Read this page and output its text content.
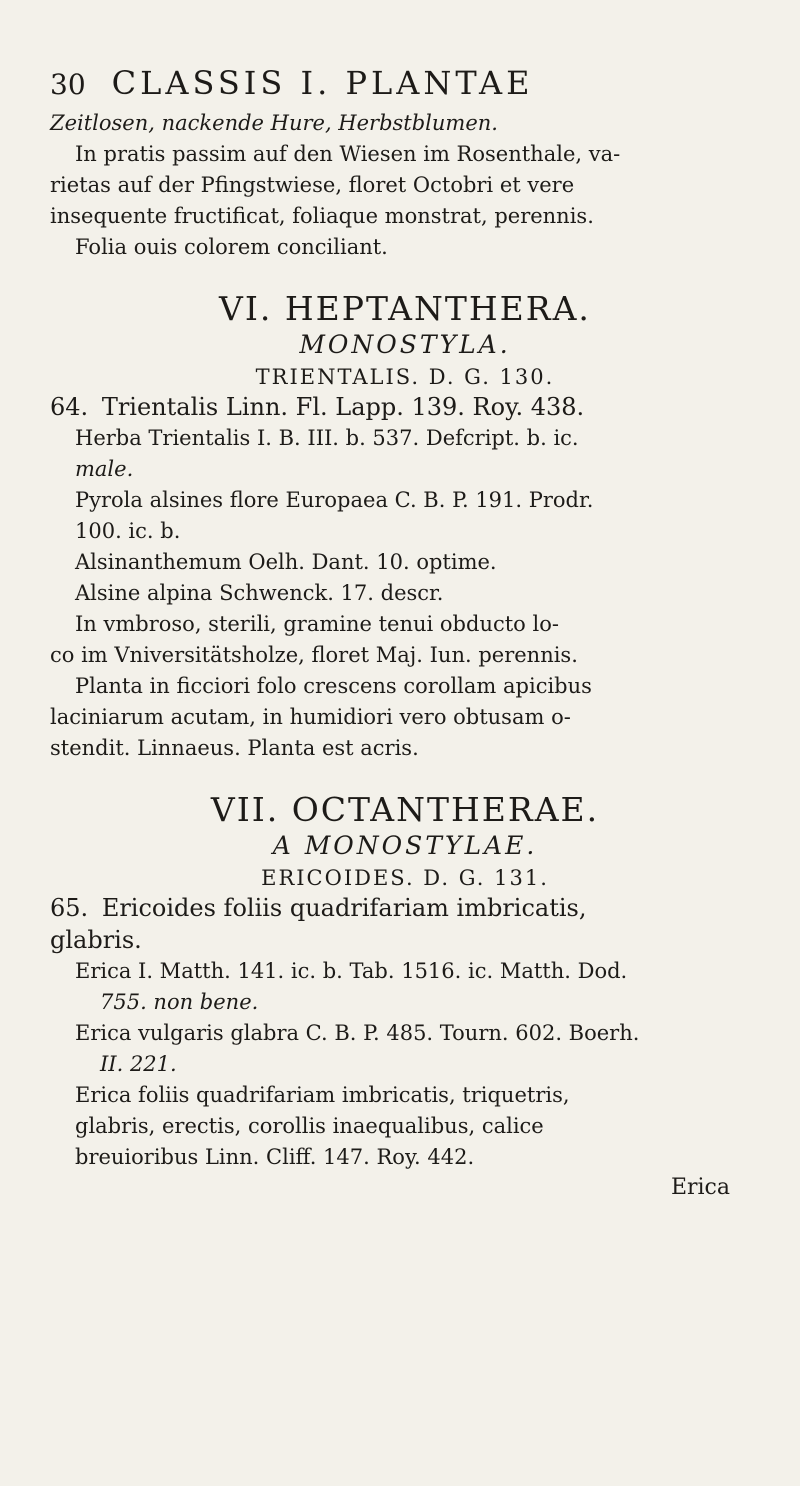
30 CLASSIS I. PLANTAE

Zeitlosen, nackende Hure, Herbstblumen.

In pratis passim auf den Wiesen im Rosenthale, va-

rietas auf der Pfingstwiese, floret Octobri et vere

insequente fructificat, foliaque monstrat, perennis.

Folia ouis colorem conciliant.

VI. HEPTANTHERA.
MONOSTYLA.
TRIENTALIS. D. G. 130.

64. Trientalis Linn. Fl. Lapp. 139. Roy. 438.

Herba Trientalis I. B. III. b. 537. Defcript. b. ic.

male.

Pyrola alsines flore Europaea C. B. P. 191. Prodr.

100. ic. b.

Alsinanthemum Oelh. Dant. 10. optime.

Alsine alpina Schwenck. 17. descr.

In vmbroso, sterili, gramine tenui obducto lo-

co im Vniversitätsholze, floret Maj. Iun. perennis.

Planta in ficciori folo crescens corollam apicibus

laciniarum acutam, in humidiori vero obtusam o-

stendit. Linnaeus. Planta est acris.

VII. OCTANTHERAE.
A MONOSTYLAE.
ERICOIDES. D. G. 131.

65. Ericoides foliis quadrifariam imbricatis,

glabris.

Erica I. Matth. 141. ic. b. Tab. 1516. ic. Matth. Dod.

755. non bene.

Erica vulgaris glabra C. B. P. 485. Tourn. 602. Boerh.

II. 221.

Erica foliis quadrifariam imbricatis, triquetris,

glabris, erectis, corollis inaequalibus, calice

breuioribus Linn. Cliff. 147. Roy. 442.

Erica
